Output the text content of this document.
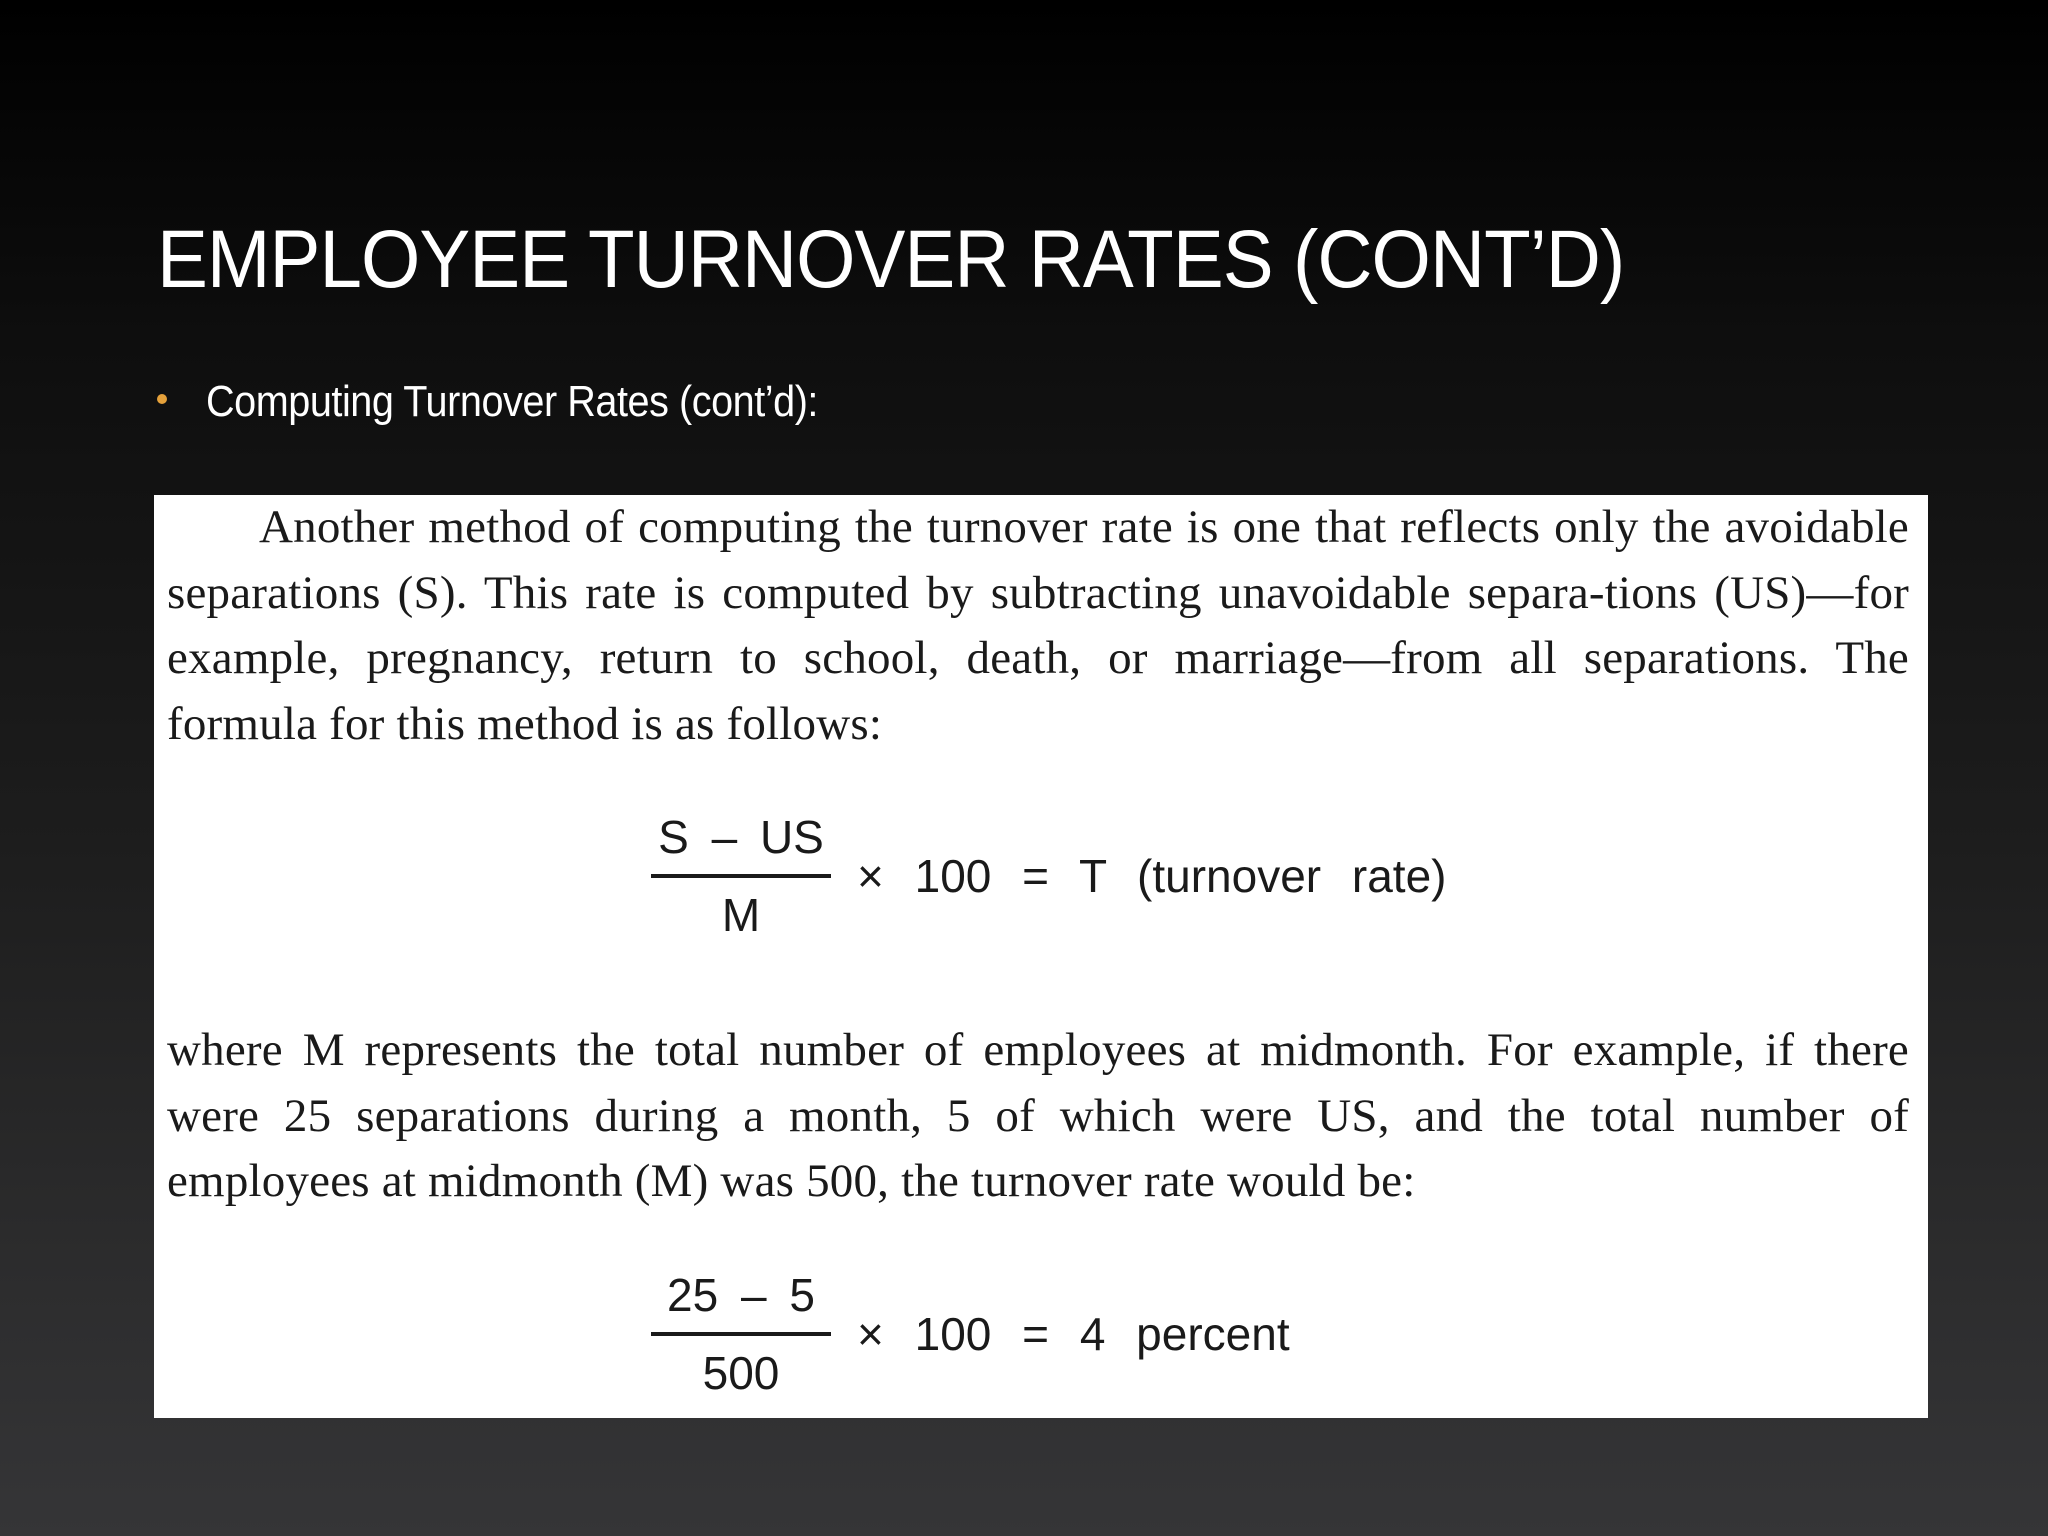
EMPLOYEE TURNOVER RATES (CONT’D)
Computing Turnover Rates (cont’d):

Another method of computing the turnover rate is one that reflects only the avoidable separations (S). This rate is computed by subtracting unavoidable separa-tions (US)—for example, pregnancy, return to school, death, or marriage—from all separations. The formula for this method is as follows:

$\frac{S - US}{M} \times 100 = T$ (turnover rate)

where M represents the total number of employees at midmonth. For example, if there were 25 separations during a month, 5 of which were US, and the total number of employees at midmonth (M) was 500, the turnover rate would be:

$\frac{25 - 5}{500} \times 100 = 4$ percent
